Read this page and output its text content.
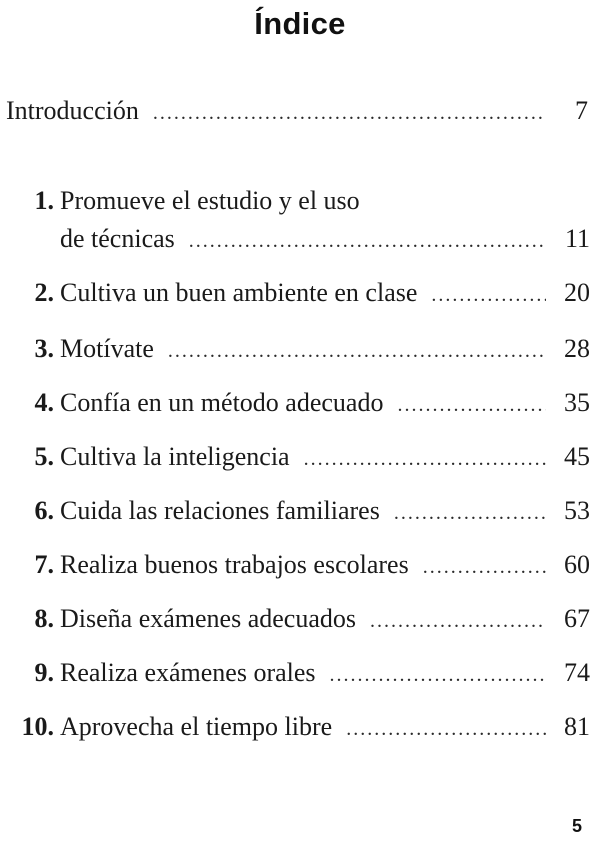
Índice
Introducción .....	7
1. Promueve el estudio y el uso
de técnicas .....	11
2. Cultiva un buen ambiente en clase .....	20
3. Motívate .....	28
4. Confía en un método adecuado .....	35
5. Cultiva la inteligencia .....	45
6. Cuida las relaciones familiares .....	53
7. Realiza buenos trabajos escolares .....	60
8. Diseña exámenes adecuados .....	67
9. Realiza exámenes orales .....	74
10. Aprovecha el tiempo libre .....	81
5
